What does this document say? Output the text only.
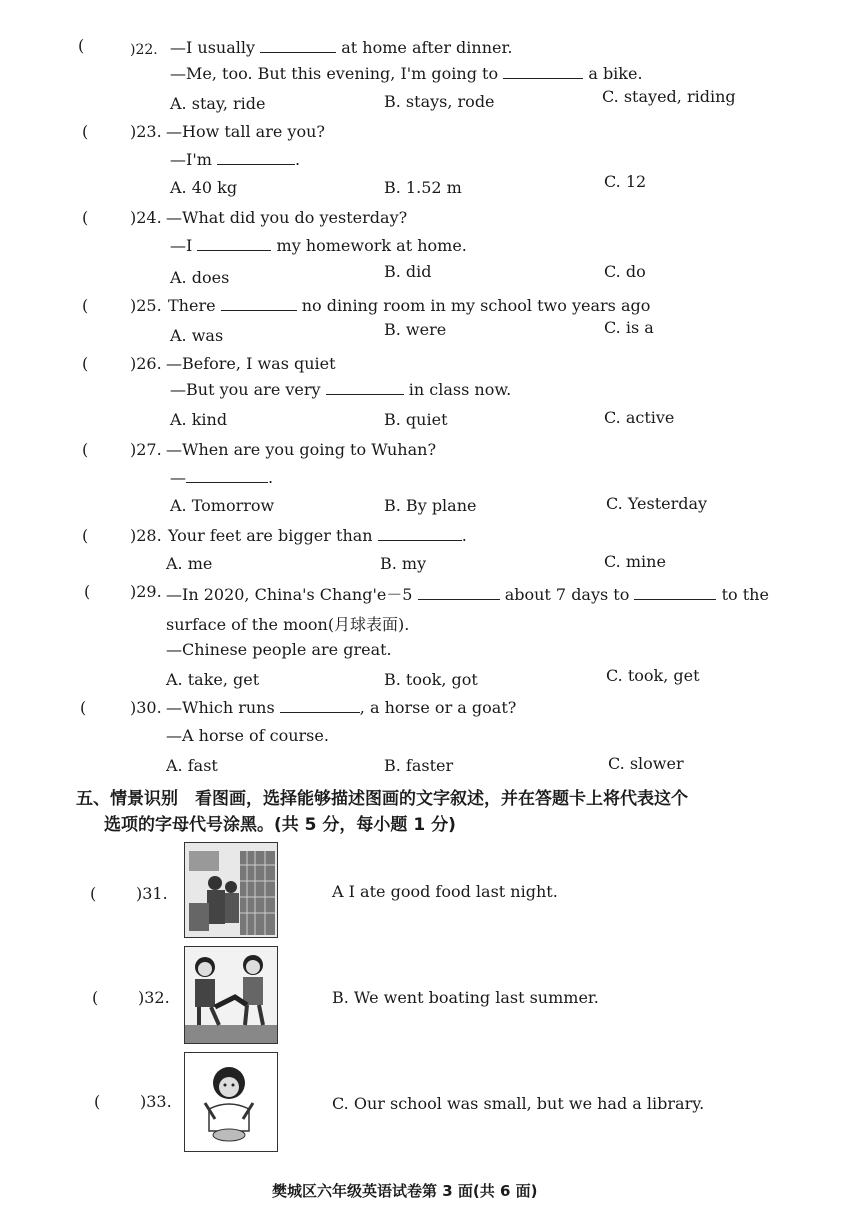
(	)22. —I usually	at home after dinner.
—Me, too. But this evening, I'm going to	a bike.
A. stay, ride	B. stays, rode	C. stayed, riding
(	)23. —How tall are you?
—I'm	.
A. 40 kg	B. 1.52 m	C. 12
(	)24. —What did you do yesterday?
—I	my homework at home.
A. does	B. did	C. do
(	)25. There	no dining room in my school two years ago
A. was	B. were	C. is a
(	)26. —Before, I was quiet
—But you are very	in class now.
A. kind	B. quiet	C. active
(	)27. —When are you going to Wuhan?
—	.
A. Tomorrow	B. By plane	C. Yesterday
(	)28. Your feet are bigger than	.
A. me	B. my	C. mine
( )29. —In 2020, China's Chang'e－5	about 7 days to	to the
surface of the moon(月球表面).
—Chinese people are great.
A. take, get	B. took, got	C. took, get
(	)30. —Which runs	, a horse or a goat?
—A horse of course.
A. fast	B. faster	C. slower
五、情景识别　看图画，选择能够描述图画的文字叙述，并在答题卡上将代表这个
选项的字母代号涂黑。(共 5 分，每小题 1 分)
( )31.	A I ate good food last night.
( )32.	B. We went boating last summer.
( )33.	C. Our school was small, but we had a library.
樊城区六年级英语试卷第 3 面(共 6 面)
